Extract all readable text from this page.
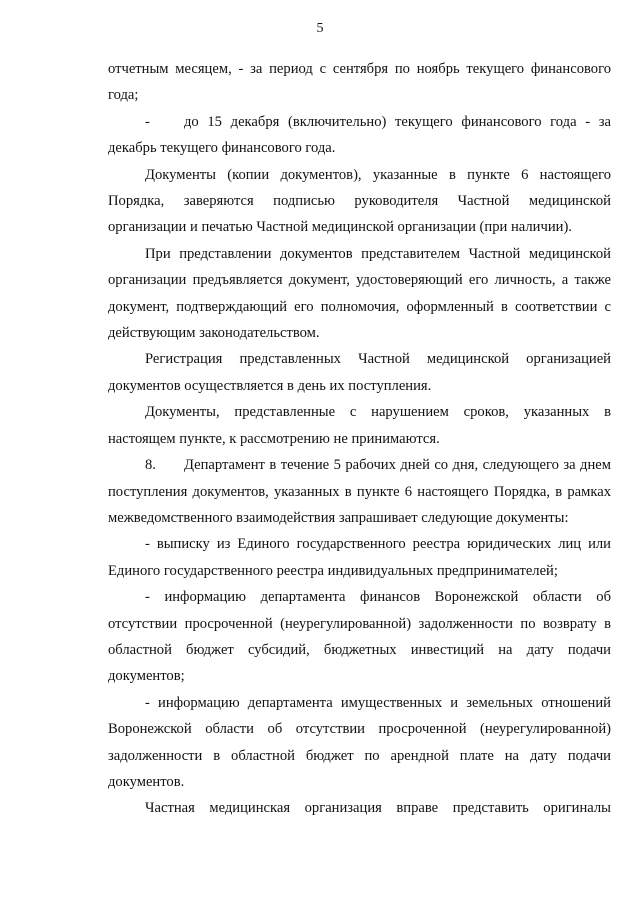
5
отчетным месяцем, - за период с сентября по ноябрь текущего финансового
года;
-	до 15 декабря (включительно) текущего финансового года - за
декабрь текущего финансового года.
Документы (копии документов), указанные в пункте 6 настоящего
Порядка, заверяются подписью руководителя Частной медицинской
организации и печатью Частной медицинской организации (при наличии).
При представлении документов представителем Частной медицинской
организации предъявляется документ, удостоверяющий его личность, а также
документ, подтверждающий его полномочия, оформленный в соответствии с
действующим законодательством.
Регистрация представленных Частной медицинской организацией
документов осуществляется в день их поступления.
Документы, представленные с нарушением сроков, указанных в
настоящем пункте, к рассмотрению не принимаются.
8.	Департамент в течение 5 рабочих дней со дня, следующего за днем
поступления документов, указанных в пункте 6 настоящего Порядка, в рамках
межведомственного взаимодействия запрашивает следующие документы:
- выписку из Единого государственного реестра юридических лиц или
Единого государственного реестра индивидуальных предпринимателей;
- информацию департамента финансов Воронежской области об
отсутствии просроченной (неурегулированной) задолженности по возврату в
областной бюджет субсидий, бюджетных инвестиций на дату подачи
документов;
- информацию департамента имущественных и земельных отношений
Воронежской области об отсутствии просроченной (неурегулированной)
задолженности в областной бюджет по арендной плате на дату подачи
документов.
Частная медицинская организация вправе представить оригиналы
